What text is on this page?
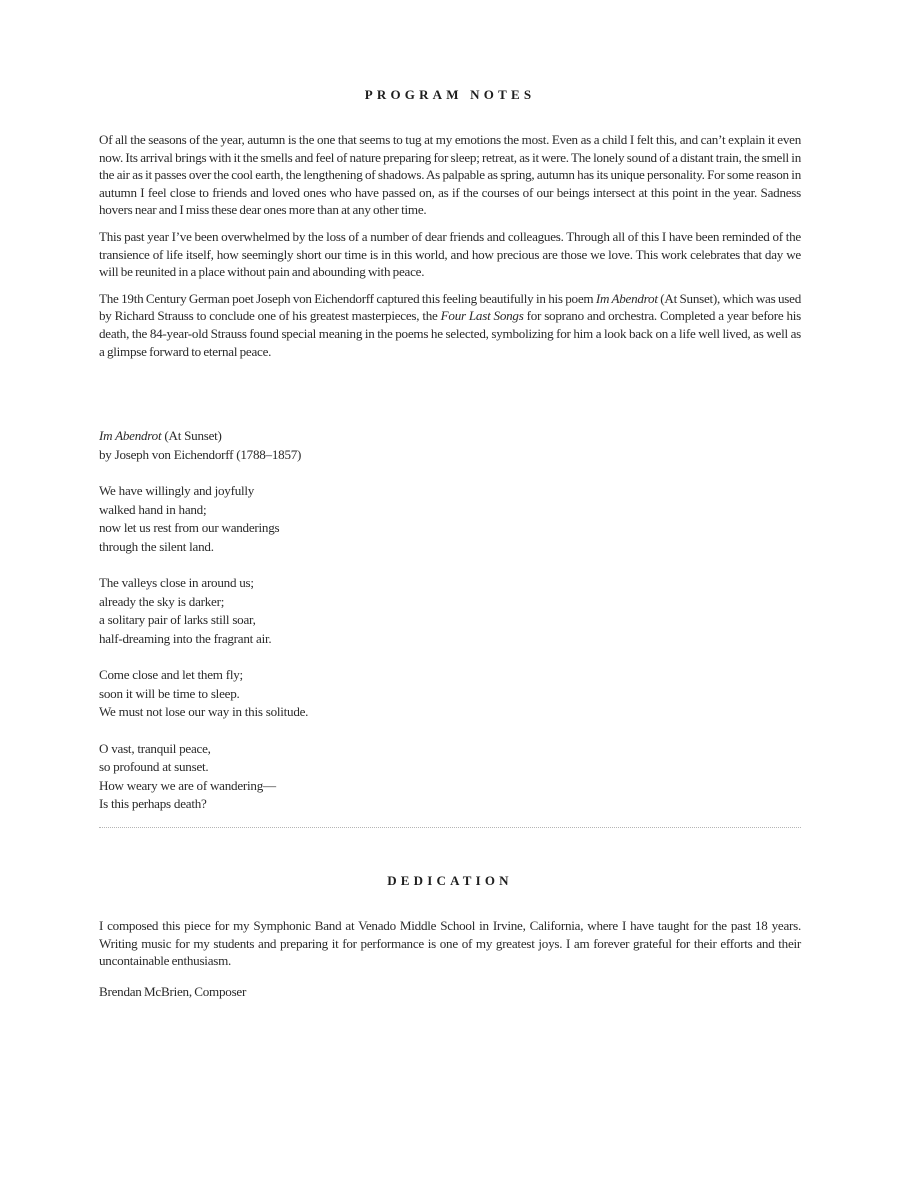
PROGRAM NOTES

Of all the seasons of the year, autumn is the one that seems to tug at my emotions the most. Even as a child I felt this, and can’t explain it even now. Its arrival brings with it the smells and feel of nature preparing for sleep; retreat, as it were. The lonely sound of a distant train, the smell in the air as it passes over the cool earth, the lengthening of shadows. As palpable as spring, autumn has its unique personality. For some reason in autumn I feel close to friends and loved ones who have passed on, as if the courses of our beings intersect at this point in the year. Sadness hovers near and I miss these dear ones more than at any other time.

This past year I’ve been overwhelmed by the loss of a number of dear friends and colleagues. Through all of this I have been reminded of the transience of life itself, how seemingly short our time is in this world, and how precious are those we love. This work celebrates that day we will be reunited in a place without pain and abounding with peace.

The 19th Century German poet Joseph von Eichendorff captured this feeling beautifully in his poem Im Abendrot (At Sunset), which was used by Richard Strauss to conclude one of his greatest masterpieces, the Four Last Songs for soprano and orchestra. Completed a year before his death, the 84-year-old Strauss found special meaning in the poems he selected, symbolizing for him a look back on a life well lived, as well as a glimpse forward to eternal peace.

Im Abendrot (At Sunset)
by Joseph von Eichendorff (1788–1857)
We have willingly and joyfully
walked hand in hand;
now let us rest from our wanderings
through the silent land.
The valleys close in around us;
already the sky is darker;
a solitary pair of larks still soar,
half-dreaming into the fragrant air.
Come close and let them fly;
soon it will be time to sleep.
We must not lose our way in this solitude.
O vast, tranquil peace,
so profound at sunset.
How weary we are of wandering—
Is this perhaps death?
DEDICATION

I composed this piece for my Symphonic Band at Venado Middle School in Irvine, California, where I have taught for the past 18 years. Writing music for my students and preparing it for performance is one of my greatest joys. I am forever grateful for their efforts and their uncontainable enthusiasm.

Brendan McBrien, Composer
